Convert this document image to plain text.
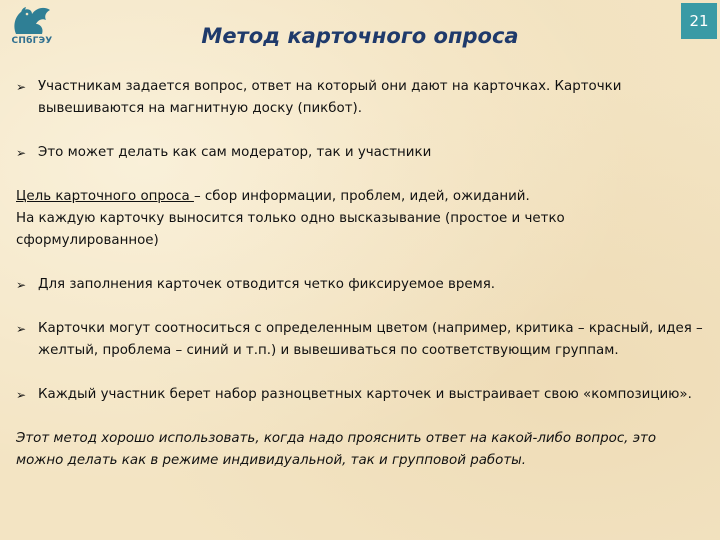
СПбГЭУ
21
Метод карточного опроса
➢ Участникам задается вопрос, ответ на который они дают на карточках. Карточки вывешиваются на магнитную доску (пикбот).
➢ Это может делать как сам модератор, так и участники
Цель карточного опроса – сбор информации, проблем, идей, ожиданий.
На каждую карточку выносится только одно высказывание (простое и четко сформулированное)
➢ Для заполнения карточек отводится четко фиксируемое время.
➢ Карточки могут соотноситься с определенным цветом (например, критика – красный, идея – желтый, проблема – синий и т.п.) и вывешиваться по соответствующим группам.
➢ Каждый участник берет набор разноцветных карточек и выстраивает свою «композицию».
Этот метод хорошо использовать, когда надо прояснить ответ на какой-либо вопрос, это можно делать как в режиме индивидуальной, так и групповой работы.
